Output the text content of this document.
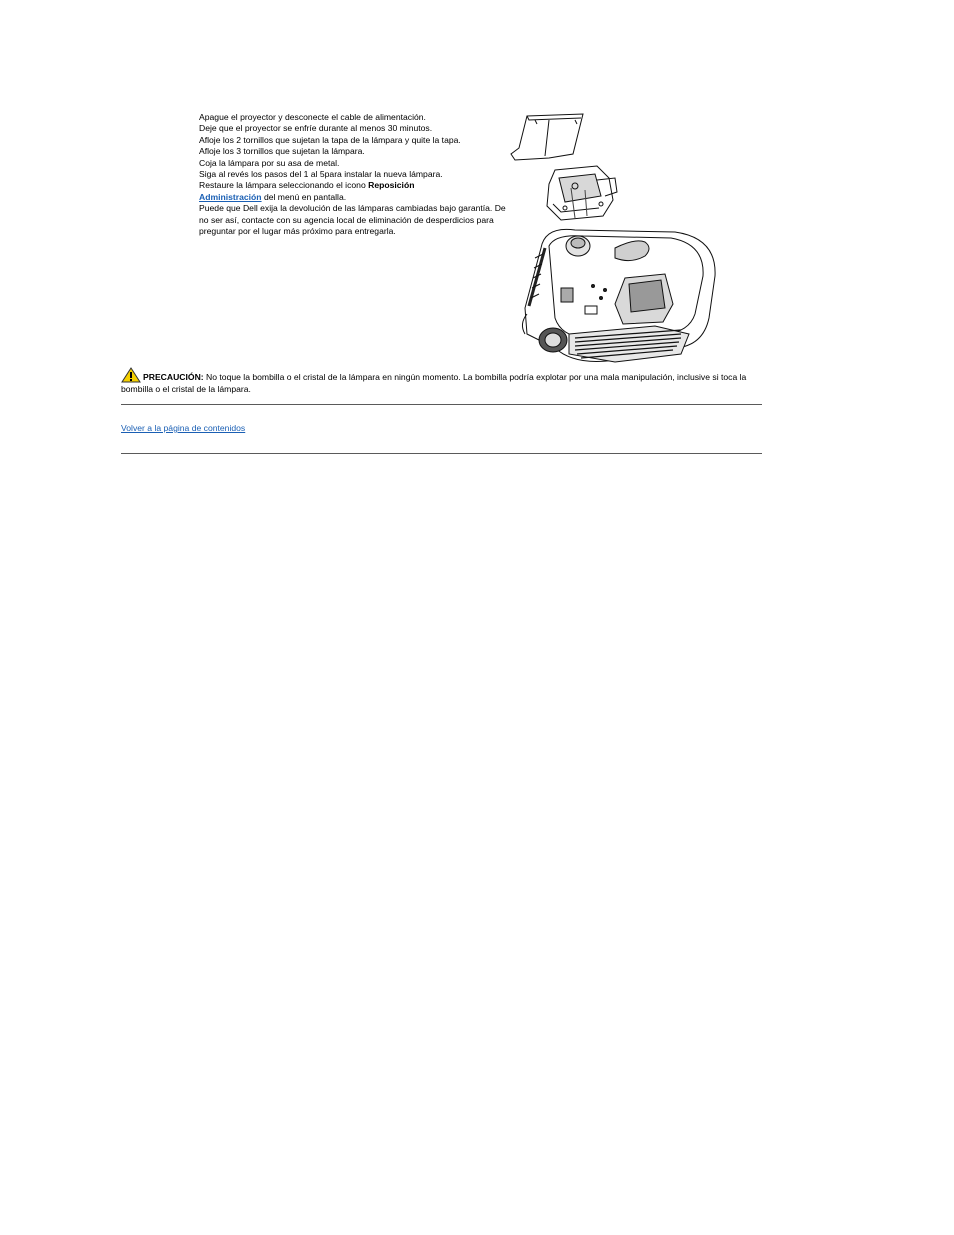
Apague el proyector y desconecte el cable de alimentación.
Deje que el proyector se enfríe durante al menos 30 minutos.
Afloje los 2 tornillos que sujetan la tapa de la lámpara y quite la tapa.
Afloje los 3 tornillos que sujetan la lámpara.
Coja la lámpara por su asa de metal.
Siga al revés los pasos del 1 al 5para instalar la nueva lámpara.
Restaure la lámpara seleccionando el icono Reposición
Administración del menú en pantalla.
Puede que Dell exija la devolución de las lámparas cambiadas bajo garantía. De no ser así, contacte con su agencia local de eliminación de desperdicios para preguntar por el lugar más próximo para entregarla.
PRECAUCIÓN: No toque la bombilla o el cristal de la lámpara en ningún momento. La bombilla podría explotar por una mala manipulación, inclusive si toca la bombilla o el cristal de la lámpara.
Volver a la página de contenidos
